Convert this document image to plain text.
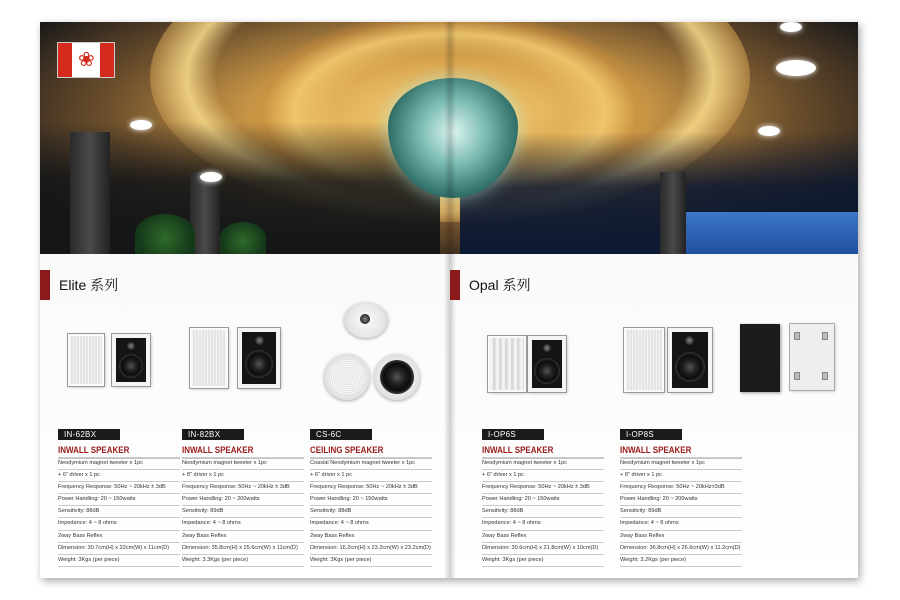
❀
Elite 系列	Opal 系列
IN-62BX
INWALL SPEAKER
Neodymium magnet tweeter x 1pc
+ 6" driver x 1 pc
Frequency Response: 50Hz ~ 20kHz ± 3dB
Power Handling: 20 ~ 150watts
Sensitivity: 88dB
Impedance: 4 ~ 8 ohms
2way Bass Reflex
Dimension: 30.7cm(H) x 22cm(W) x 11cm(D)
Weight: 3Kgs (per piece)
IN-82BX
INWALL SPEAKER
Neodymium magnet tweeter x 1pc
+ 8" driver x 1 pc
Frequency Response: 50Hz ~ 20kHz ± 3dB
Power Handling: 20 ~ 200watts
Sensitivity: 89dB
Impedance: 4 ~ 8 ohms
2way Bass Reflex
Dimension: 35.8cm(H) x 25.6cm(W) x 11cm(D)
Weight: 3.3Kgs (per piece)
CS-6C
CEILING SPEAKER
Coaxial Neodymium magnet tweeter x 1pc
+ 6" driver x 1 pc
Frequency Response: 50Hz ~ 20kHz ± 3dB
Power Handling: 20 ~ 150watts
Sensitivity: 88dB
Impedance: 4 ~ 8 ohms
2way Bass Reflex
Dimension: 16.2cm(H) x 23.2cm(W) x 23.2cm(D)
Weight: 3Kgs (per piece)
I-OP6S
INWALL SPEAKER
Neodymium magnet tweeter x 1pc
+ 6" driver x 1 pc
Frequency Response: 50Hz ~ 20kHz ± 3dB
Power Handling: 20 ~ 150watts
Sensitivity: 88dB
Impedance: 4 ~ 8 ohms
2way Bass Reflex
Dimension: 30.6cm(H) x 21.8cm(W) x 10cm(D)
Weight: 3Kgs (per piece)
I-OP8S
INWALL SPEAKER
Neodymium magnet tweeter x 1pc
+ 8" driver x 1 pc
Frequency Response: 50Hz ~ 20kHz±3dB
Power Handling: 20 ~ 200watts
Sensitivity: 89dB
Impedance: 4 ~ 8 ohms
2way Bass Reflex
Dimension: 36.8cm(H) x 26.6cm(W) x 11.2cm(D)
Weight: 3.2Kgs (per piece)
